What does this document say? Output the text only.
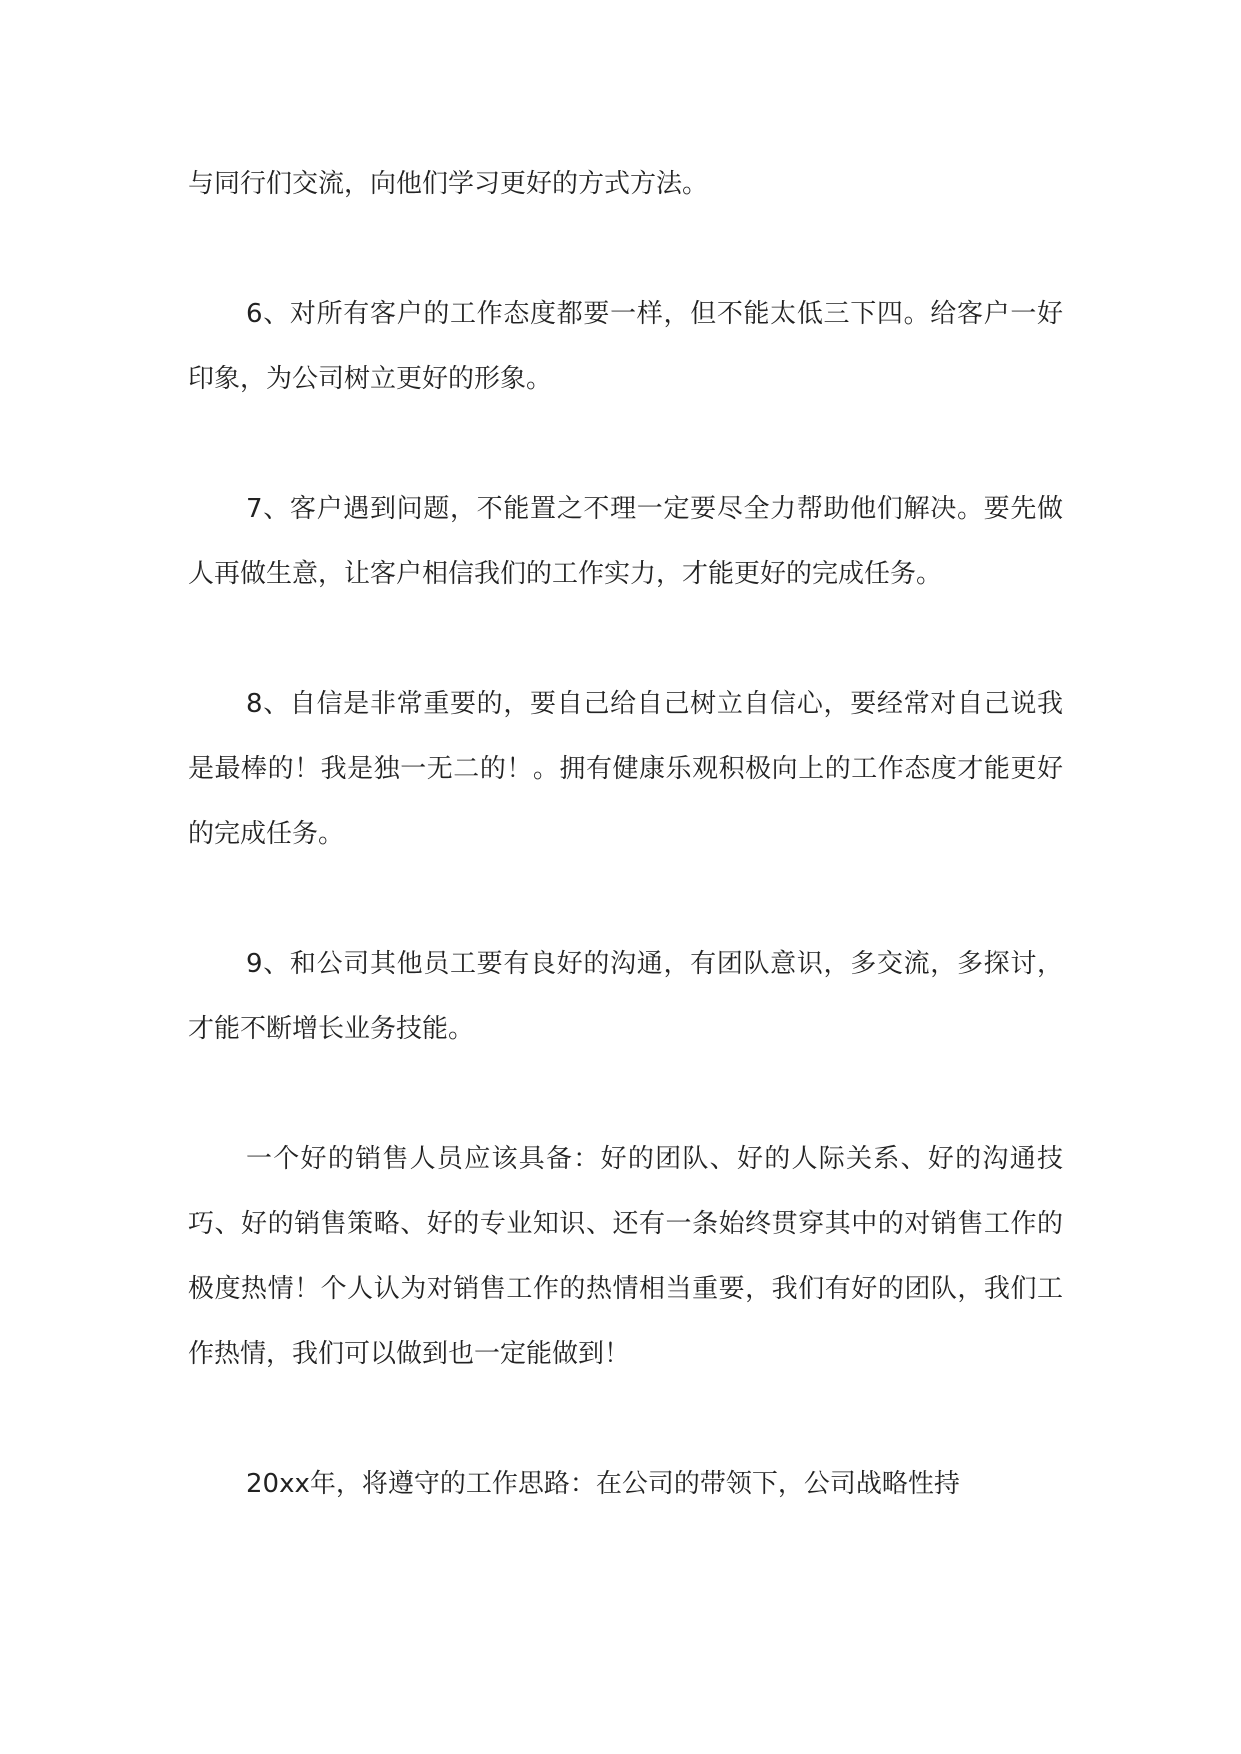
与同行们交流，向他们学习更好的方式方法。

6、对所有客户的工作态度都要一样，但不能太低三下四。给客户一好印象，为公司树立更好的形象。

7、客户遇到问题，不能置之不理一定要尽全力帮助他们解决。要先做人再做生意，让客户相信我们的工作实力，才能更好的完成任务。

8、自信是非常重要的，要自己给自己树立自信心，要经常对自己说我是最棒的！我是独一无二的！。拥有健康乐观积极向上的工作态度才能更好的完成任务。

9、和公司其他员工要有良好的沟通，有团队意识，多交流，多探讨，才能不断增长业务技能。

一个好的销售人员应该具备：好的团队、好的人际关系、好的沟通技巧、好的销售策略、好的专业知识、还有一条始终贯穿其中的对销售工作的极度热情！个人认为对销售工作的热情相当重要，我们有好的团队，我们工作热情，我们可以做到也一定能做到！

20xx年，将遵守的工作思路：在公司的带领下，公司战略性持
